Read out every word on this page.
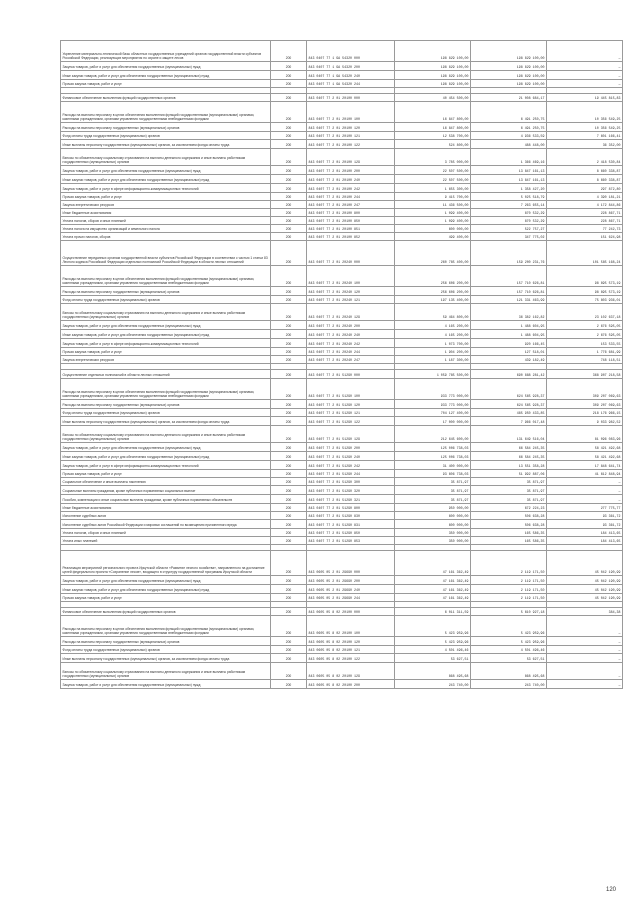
Укрепление материально-технической базы областных государственных учреждений органов государственной власти субъектов Российской Федерации, реализующих мероприятия по охране и защите лесов	200	843 0407 77 1 GA 54320 000	198 829 100,00	198 829 100,00	—
Закупка товаров, работ и услуг для обеспечения государственных (муниципальных) нужд	200	843 0407 77 1 GA 54320 200	198 829 100,00	198 829 100,00	—
Иные закупки товаров, работ и услуг для обеспечения государственных (муниципальных) нужд	200	843 0407 77 1 GA 54320 240	198 829 100,00	198 829 100,00	—
Прочая закупка товаров, работ и услуг	200	843 0407 77 1 GA 54320 244	198 829 100,00	198 829 100,00	—

Финансовое обеспечение выполнения функций государственных органов	200	843 0407 77 2 01 20100 000	40 454 500,00	21 008 684,17	19 445 815,83
Расходы на выплаты персоналу в целях обеспечения выполнения функций государственными (муниципальными) органами, казенными учреждениями, органами управления государственными внебюджетными фондами	200	843 0407 77 2 01 20100 100	16 847 800,00	6 491 250,75	10 356 549,25
Расходы на выплаты персоналу государственных (муниципальных) органов	200	843 0407 77 2 01 20100 120	16 847 800,00	6 491 250,75	10 356 549,25
Фонд оплаты труда государственных (муниципальных) органов	200	843 0407 77 2 01 20100 121	12 538 700,00	4 936 533,59	7 601 166,41
Иные выплаты персоналу государственных (муниципальных) органов, за исключением фонда оплаты труда	200	843 0407 77 2 01 20100 122	524 800,00	488 448,00	36 352,00
Взносы по обязательному социальному страхованию на выплаты денежного содержания и иные выплаты работникам государственных (муниципальных) органов	200	843 0407 77 2 01 20100 129	3 785 000,00	1 366 469,16	2 418 530,84
Закупка товаров, работ и услуг для обеспечения государственных (муниципальных) нужд	200	843 0407 77 2 01 20100 200	22 507 500,00	13 847 161,13	8 660 338,87
Иные закупки товаров, работ и услуг для обеспечения государственных (муниципальных) нужд	200	843 0407 77 2 01 20100 240	22 507 500,00	13 847 161,13	8 660 338,87
Закупка товаров, работ и услуг в сфере информационно-коммуникационных технологий	200	843 0407 77 2 01 20100 242	1 655 300,00	1 358 427,20	297 872,80
Прочая закупка товаров, работ и услуг	200	843 0407 77 2 01 20100 244	9 415 700,00	5 025 518,79	4 390 181,21
Закупка энергетических ресурсов	200	843 0407 77 2 01 20100 247	11 436 500,00	7 263 655,14	4 172 844,86
Иные бюджетные ассигнования	200	843 0407 77 2 01 20100 800	1 099 400,00	870 532,29	228 867,71
Уплата налогов, сборов и иных платежей	200	843 0407 77 2 01 20100 850	1 099 400,00	870 532,29	228 867,71
Уплата налога на имущество организаций и земельного налога	200	843 0407 77 2 01 20100 851	600 000,00	522 757,27	77 242,73
Уплата прочих налогов, сборов	200	843 0407 77 2 01 20100 852	499 400,00	347 775,02	151 624,98
Осуществление переданных органам государственной власти субъектов Российской Федерации в соответствии с частью 1 статьи 83 Лесного кодекса Российской Федерации отдельных полномочий Российской Федерации в области лесных отношений	200	843 0407 77 2 01 20240 000	260 785 400,00	159 200 231,76	101 585 168,24
Расходы на выплаты персоналу в целях обеспечения выполнения функций государственными (муниципальными) органами, казенными учреждениями, органами управления государственными внебюджетными фондами	200	843 0407 77 2 01 20240 100	256 606 200,00	157 710 626,81	98 895 573,19
Расходы на выплаты персоналу государственных (муниципальных) органов	200	843 0407 77 2 01 20240 120	256 606 200,00	157 710 626,81	98 895 573,19
Фонд оплаты труда государственных (муниципальных) органов	200	843 0407 77 2 01 20240 121	197 135 400,00	121 331 463,99	75 803 936,01
Взносы по обязательному социальному страхованию на выплаты денежного содержания и иные выплаты работникам государственных (муниципальных) органов	200	843 0407 77 2 01 20240 129	59 464 800,00	36 382 162,82	23 102 637,18
Закупка товаров, работ и услуг для обеспечения государственных (муниципальных) нужд	200	843 0407 77 2 01 20240 200	4 165 200,00	1 488 604,95	2 676 595,05
Иные закупки товаров, работ и услуг для обеспечения государственных (муниципальных) нужд	200	843 0407 77 2 01 20240 240	4 165 200,00	1 488 604,95	2 676 595,05
Закупка товаров, работ и услуг в сфере информационно-коммуникационных технологий	200	843 0407 77 2 01 20240 242	1 073 700,00	920 166,45	153 533,55
Прочая закупка товаров, работ и услуг	200	843 0407 77 2 01 20240 244	1 904 200,00	127 518,01	1 776 681,99
Закупка энергетических ресурсов	200	843 0407 77 2 01 20240 247	1 187 300,00	439 182,49	748 118,51

Осуществление отдельных полномочий в области лесных отношений	200	843 0407 77 2 01 51290 000	1 059 785 500,00	690 888 281,42	368 907 218,58
Расходы на выплаты персоналу в целях обеспечения выполнения функций государственными (муниципальными) органами, казенными учреждениями, органами управления государственными внебюджетными фондами	200	843 0407 77 2 01 51290 100	933 773 000,00	624 565 928,37	309 207 069,63
Расходы на выплаты персоналу государственных (муниципальных) органов	200	843 0407 77 2 01 51290 120	933 773 000,00	624 565 928,37	309 207 069,63
Фонд оплаты труда государственных (муниципальных) органов	200	843 0407 77 2 01 51290 121	704 127 400,00	485 950 433,85	218 176 966,15
Иные выплаты персоналу государственных (муниципальных) органов, за исключением фонда оплаты труда	200	843 0407 77 2 01 51290 122	17 000 000,00	7 966 017,48	9 033 982,52
Взносы по обязательному социальному страхованию на выплаты денежного содержания и иные выплаты работникам государственных (муниципальных) органов	200	843 0407 77 2 01 51290 129	212 645 600,00	131 649 516,04	81 096 083,96
Закупка товаров, работ и услуг для обеспечения государственных (муниципальных) нужд	200	843 0407 77 2 01 51290 200	125 006 738,03	66 584 245,35	58 421 492,68
Иные закупки товаров, работ и услуг для обеспечения государственных (муниципальных) нужд	200	843 0407 77 2 01 51290 240	125 006 738,03	66 584 245,35	58 421 492,68
Закупка товаров, работ и услуг в сфере информационно-коммуникационных технологий	200	843 0407 77 2 01 51290 242	31 400 000,00	13 551 358,28	17 848 641,74
Прочая закупка товаров, работ и услуг	200	843 0407 77 2 01 51290 244	93 606 738,03	51 992 887,06	41 612 848,94
Социальное обеспечение и иные выплаты населению	200	843 0407 77 2 01 51290 300	35 871,97	35 871,97	—
Социальные выплаты гражданам, кроме публичных нормативных социальных выплат	200	843 0407 77 2 01 51290 320	35 871,97	35 871,97	—
Пособия, компенсации и иные социальные выплаты гражданам, кроме публичных нормативных обязательств	200	843 0407 77 2 01 51290 321	35 871,97	35 871,97	—
Иные бюджетные ассигнования	200	843 0407 77 2 01 51290 800	950 000,00	672 224,23	277 775,77
Исполнение судебных актов	200	843 0407 77 2 01 51290 830	600 000,00	506 638,28	93 361,72
Исполнение судебных актов Российской Федерации и мировых соглашений по возмещению причиненного вреда	200	843 0407 77 2 01 51290 831	600 000,00	506 638,28	93 361,72
Уплата налогов, сборов и иных платежей	200	843 0407 77 2 01 51290 850	350 000,00	165 586,35	184 413,65
Уплата иных платежей	200	843 0407 77 2 01 51290 853	350 000,00	165 586,35	184 413,65

Реализация мероприятий регионального проекта Иркутской области «Развитие лесного хозяйства», направленного на достижение целей федерального проекта «Сохранение лесов», входящего в структуру государственной программы Иркутской области	200	843 0605 05 2 01 29690 000	47 161 362,49	2 119 171,50	45 042 190,99
Закупка товаров, работ и услуг для обеспечения государственных (муниципальных) нужд	200	843 0605 05 2 01 29690 200	47 161 362,49	2 119 171,50	45 042 190,99
Иные закупки товаров, работ и услуг для обеспечения государственных (муниципальных) нужд	200	843 0605 05 2 01 29690 240	47 161 362,49	2 119 171,50	45 042 190,99
Прочая закупка товаров, работ и услуг	200	843 0605 05 2 01 29690 244	47 161 362,49	2 119 171,50	45 042 190,99

Финансовое обеспечение выполнения функций государственных органов	200	843 0605 05 8 02 20100 000	6 011 311,59	5 610 927,18	384,38
Расходы на выплаты персоналу в целях обеспечения выполнения функций государственными (муниципальными) органами, казенными учреждениями, органами управления государственными внебюджетными фондами	200	843 0605 05 8 02 20100 100	5 423 959,96	5 423 959,96	—
Расходы на выплаты персоналу государственных (муниципальных) органов	200	843 0605 05 8 02 20100 120	5 423 959,96	5 423 959,96	—
Фонд оплаты труда государственных (муниципальных) органов	200	843 0605 05 8 02 20100 121	4 501 496,46	4 501 496,46	—
Иные выплаты персоналу государственных (муниципальных) органов, за исключением фонда оплаты труда	200	843 0605 05 8 02 20100 122	53 627,51	53 627,51	—
Взносы по обязательному социальному страхованию на выплаты денежного содержания и иные выплаты работникам государственных (муниципальных) органов	200	843 0605 05 8 02 20100 129	868 495,68	868 495,68	—
Закупка товаров, работ и услуг для обеспечения государственных (муниципальных) нужд	200	843 0605 05 8 02 20100 200	243 740,00	243 740,00	—
120
